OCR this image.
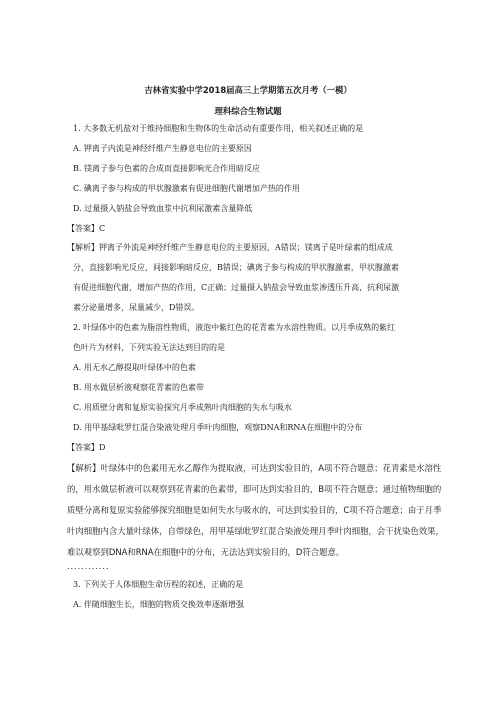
吉林省实验中学2018届高三上学期第五次月考（一模）
理科综合生物试题
1. 大多数无机盐对于维持细胞和生物体的生命活动有重要作用，相关叙述正确的是
A. 钾离子内流是神经纤维产生静息电位的主要原因
B. 镁离子参与色素的合成而直接影响光合作用暗反应
C. 碘离子参与构成的甲状腺激素有促进细胞代谢增加产热的作用
D. 过量摄入钠盐会导致血浆中抗利尿激素含量降低
【答案】C
【解析】钾离子外流是神经纤维产生静息电位的主要原因，A错误；镁离子是叶绿素的组成成
分，直接影响光反应，间接影响暗反应，B错误；碘离子参与构成的甲状腺激素，甲状腺激素
有促进细胞代谢，增加产热的作用，C正确；过量摄入钠盐会导致血浆渗透压升高，抗利尿激
素分泌量增多，尿量减少，D错误。
2. 叶绿体中的色素为脂溶性物质，液泡中紫红色的花青素为水溶性物质。以月季成熟的紫红
色叶片为材料，下列实验无法达到目的的是
A. 用无水乙醇提取叶绿体中的色素
B. 用水做层析液观察花青素的色素带
C. 用质壁分离和复原实验探究月季成熟叶肉细胞的失水与吸水
D. 用甲基绿吡罗红混合染液处理月季叶肉细胞，观察DNA和RNA在细胞中的分布
【答案】D
【解析】叶绿体中的色素用无水乙醇作为提取液，可达到实验目的，A项不符合题意；花青素是水溶性
的，用水做层析液可以观察到花青素的色素带，即可达到实验目的，B项不符合题意；通过植物细胞的
质壁分离和复原实验能够探究细胞是如何失水与吸水的，可达到实验目的，C项不符合题意；由于月季
叶肉细胞内含大量叶绿体，自带绿色，用甲基绿吡罗红混合染液处理月季叶肉细胞，会干扰染色效果，
难以观察到DNA和RNA在细胞中的分布，无法达到实验目的，D符合题意。
............
3. 下列关于人体细胞生命历程的叙述，正确的是
A. 伴随细胞生长，细胞的物质交换效率逐渐增强
